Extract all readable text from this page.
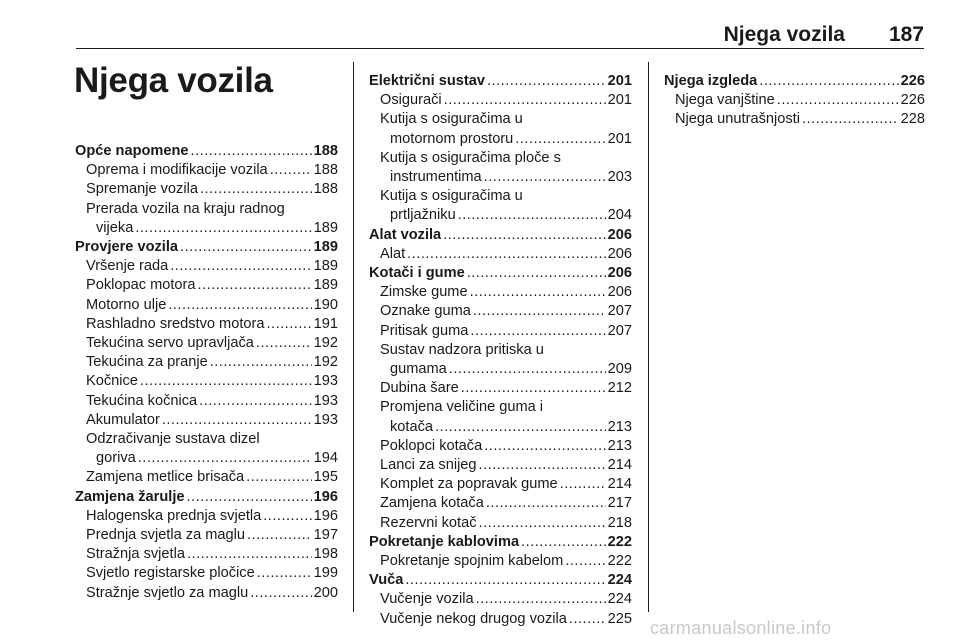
Njega vozila 187
Njega vozila
Opće napomene .....	188
Oprema i modifikacije vozila .....	188
Spremanje vozila .....	188
Prerada vozila na kraju radnog
vijeka .....	189
Provjere vozila .....	189
Vršenje rada .....	189
Poklopac motora .....	189
Motorno ulje .....	190
Rashladno sredstvo motora .....	191
Tekućina servo upravljača .....	192
Tekućina za pranje .....	192
Kočnice .....	193
Tekućina kočnica .....	193
Akumulator .....	193
Odzračivanje sustava dizel
goriva .....	194
Zamjena metlice brisača .....	195
Zamjena žarulje .....	196
Halogenska prednja svjetla .....	196
Prednja svjetla za maglu .....	197
Stražnja svjetla .....	198
Svjetlo registarske pločice .....	199
Stražnje svjetlo za maglu .....	200
Električni sustav .....	201
Osigurači .....	201
Kutija s osiguračima u
motornom prostoru .....	201
Kutija s osiguračima ploče s
instrumentima .....	203
Kutija s osiguračima u
prtljažniku .....	204
Alat vozila .....	206
Alat .....	206
Kotači i gume .....	206
Zimske gume .....	206
Oznake guma .....	207
Pritisak guma .....	207
Sustav nadzora pritiska u
gumama .....	209
Dubina šare .....	212
Promjena veličine guma i
kotača .....	213
Poklopci kotača .....	213
Lanci za snijeg .....	214
Komplet za popravak gume .....	214
Zamjena kotača .....	217
Rezervni kotač .....	218
Pokretanje kablovima .....	222
Pokretanje spojnim kabelom .....	222
Vuča .....	224
Vučenje vozila .....	224
Vučenje nekog drugog vozila .....	225
Njega izgleda .....	226
Njega vanjštine .....	226
Njega unutrašnjosti .....	228
carmanualsonline.info
